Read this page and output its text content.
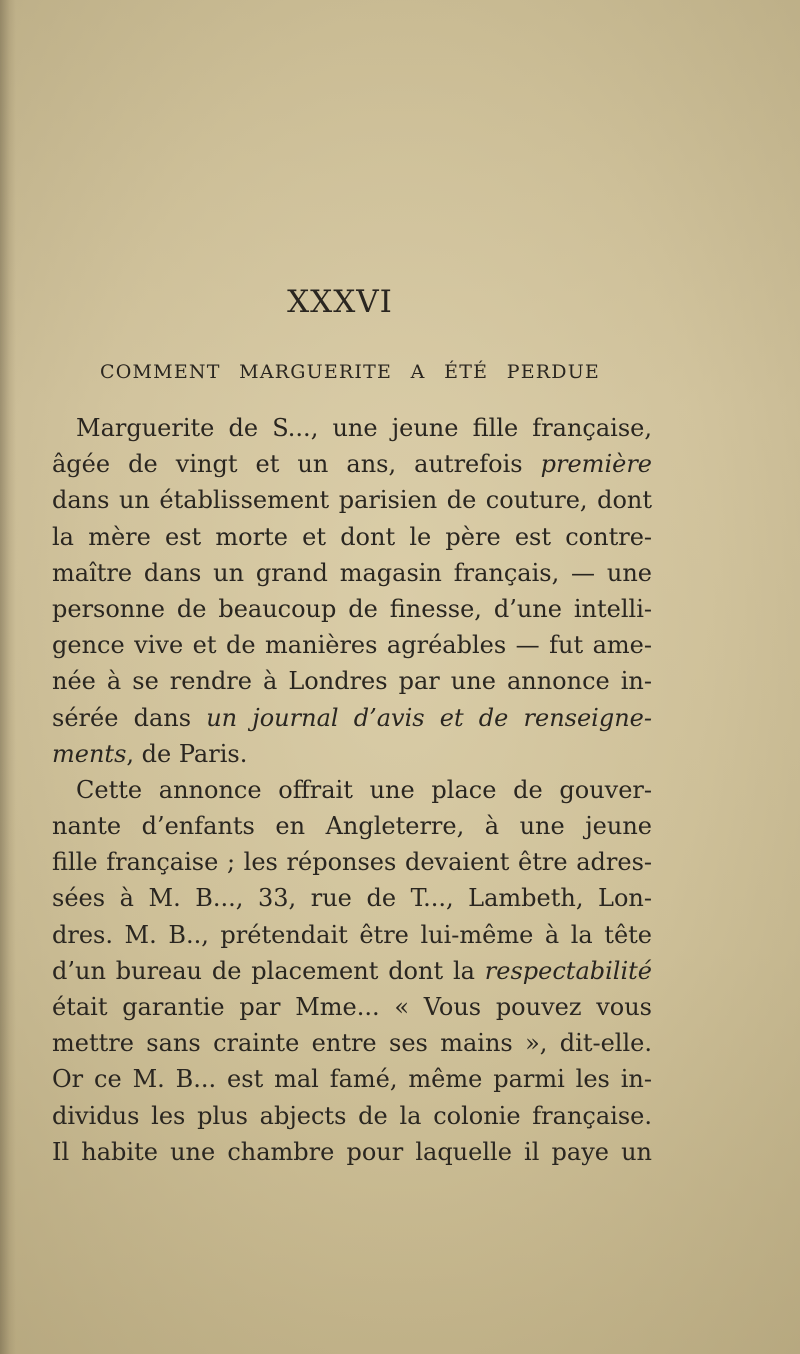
XXXVI
COMMENT MARGUERITE A ÉTÉ PERDUE
Marguerite de S..., une jeune fille française,
âgée de vingt et un ans, autrefois première
dans un établissement parisien de couture, dont
la mère est morte et dont le père est contre-
maître dans un grand magasin français, — une
personne de beaucoup de finesse, d’une intelli-
gence vive et de manières agréables — fut ame-
née à se rendre à Londres par une annonce in-
sérée dans un journal d’avis et de renseigne-
ments, de Paris.
Cette annonce offrait une place de gouver-
nante d’enfants en Angleterre, à une jeune
fille française ; les réponses devaient être adres-
sées à M. B..., 33, rue de T..., Lambeth, Lon-
dres. M. B.., prétendait être lui-même à la tête
d’un bureau de placement dont la respectabilité
était garantie par Mme... « Vous pouvez vous
mettre sans crainte entre ses mains », dit-elle.
Or ce M. B... est mal famé, même parmi les in-
dividus les plus abjects de la colonie française.
Il habite une chambre pour laquelle il paye un
